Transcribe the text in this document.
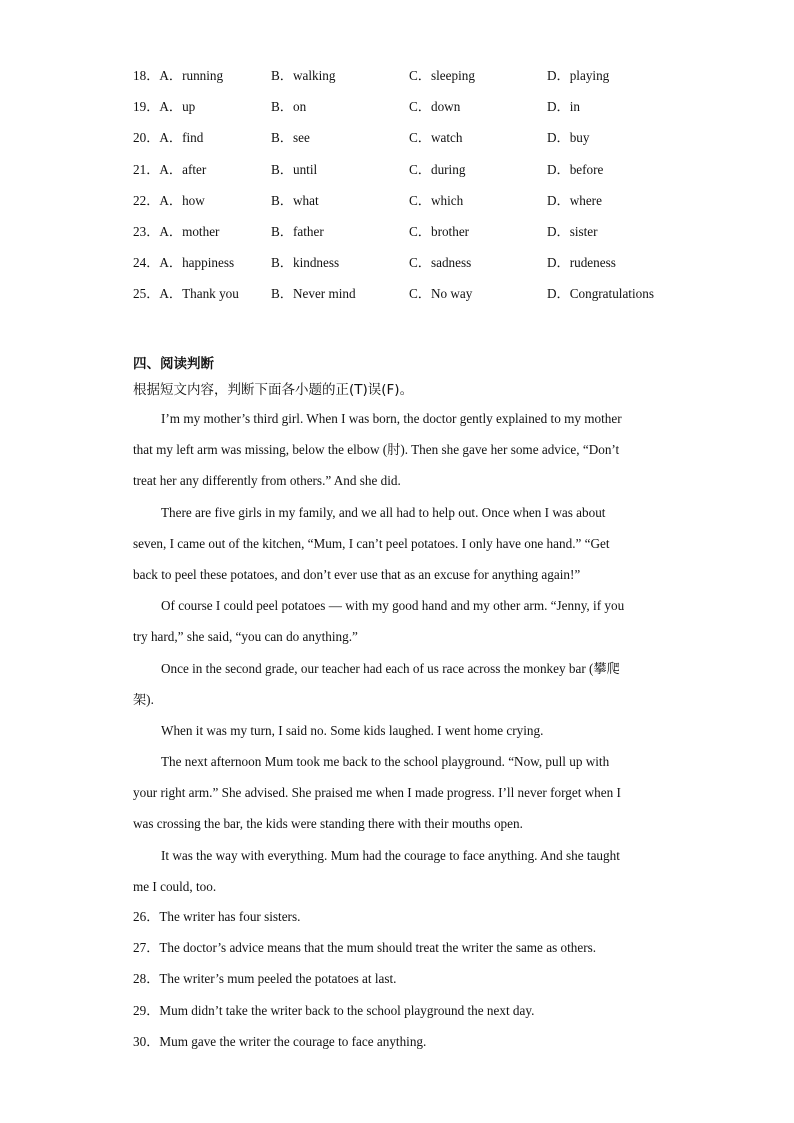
18．A．running	B．walking	C．sleeping	D．playing
19．A．up	B．on	C．down	D．in
20．A．find	B．see	C．watch	D．buy
21．A．after	B．until	C．during	D．before
22．A．how	B．what	C．which	D．where
23．A．mother	B．father	C．brother	D．sister
24．A．happiness	B．kindness	C．sadness	D．rudeness
25．A．Thank you B．Never mind	C．No way	D．Congratulations
四、阅读判断
根据短文内容，判断下面各小题的正(T)误(F)。
I’m my mother’s third girl. When I was born, the doctor gently explained to my mother
that my left arm was missing, below the elbow (肘). Then she gave her some advice, “Don’t
treat her any differently from others.” And she did.
There are five girls in my family, and we all had to help out. Once when I was about
seven, I came out of the kitchen, “Mum, I can’t peel potatoes. I only have one hand.” “Get
back to peel these potatoes, and don’t ever use that as an excuse for anything again!”
Of course I could peel potatoes — with my good hand and my other arm. “Jenny, if you
try hard,” she said, “you can do anything.”
Once in the second grade, our teacher had each of us race across the monkey bar (攀爬
架).
When it was my turn, I said no. Some kids laughed. I went home crying.
The next afternoon Mum took me back to the school playground. “Now, pull up with
your right arm.” She advised. She praised me when I made progress. I’ll never forget when I
was crossing the bar, the kids were standing there with their mouths open.
It was the way with everything. Mum had the courage to face anything. And she taught
me I could, too.
26．The writer has four sisters.
27．The doctor’s advice means that the mum should treat the writer the same as others.
28．The writer’s mum peeled the potatoes at last.
29．Mum didn’t take the writer back to the school playground the next day.
30．Mum gave the writer the courage to face anything.
